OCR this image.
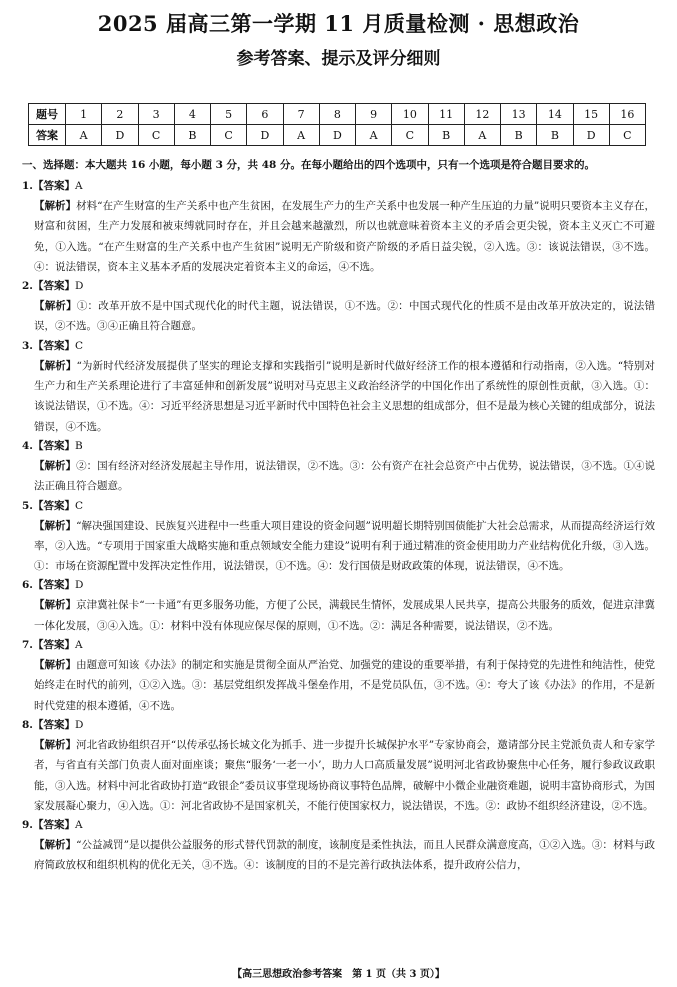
2025 届高三第一学期 11 月质量检测 · 思想政治
参考答案、提示及评分细则
题号	1	2	3	4	5	6	7	8	9	10	11	12	13	14	15	16
答案	A	D	C	B	C	D	A	D	A	C	B	A	B	B	D	C
一、选择题：本大题共 16 小题，每小题 3 分，共 48 分。在每小题给出的四个选项中，只有一个选项是符合题目要求的。
1.【答案】A
【解析】材料“在产生财富的生产关系中也产生贫困，在发展生产力的生产关系中也发展一种产生压迫的力量”说明只要资本主义存在，财富和贫困，生产力发展和被束缚就同时存在，并且会越来越激烈，所以也就意味着资本主义的矛盾会更尖锐，资本主义灭亡不可避免，①入选。“在产生财富的生产关系中也产生贫困”说明无产阶级和资产阶级的矛盾日益尖锐，②入选。③：该说法错误，③不选。④：说法错误，资本主义基本矛盾的发展决定着资本主义的命运，④不选。
2.【答案】D
【解析】①：改革开放不是中国式现代化的时代主题，说法错误，①不选。②：中国式现代化的性质不是由改革开放决定的，说法错误，②不选。③④正确且符合题意。
3.【答案】C
【解析】“为新时代经济发展提供了坚实的理论支撑和实践指引”说明是新时代做好经济工作的根本遵循和行动指南，②入选。“特别对生产力和生产关系理论进行了丰富延伸和创新发展”说明对马克思主义政治经济学的中国化作出了系统性的原创性贡献，③入选。①：该说法错误，①不选。④：习近平经济思想是习近平新时代中国特色社会主义思想的组成部分，但不是最为核心关键的组成部分，说法错误，④不选。
4.【答案】B
【解析】②：国有经济对经济发展起主导作用，说法错误，②不选。③：公有资产在社会总资产中占优势，说法错误，③不选。①④说法正确且符合题意。
5.【答案】C
【解析】“解决强国建设、民族复兴进程中一些重大项目建设的资金问题”说明超长期特别国债能扩大社会总需求，从而提高经济运行效率，②入选。“专项用于国家重大战略实施和重点领域安全能力建设”说明有利于通过精准的资金使用助力产业结构优化升级，③入选。①：市场在资源配置中发挥决定性作用，说法错误，①不选。④：发行国债是财政政策的体现，说法错误，④不选。
6.【答案】D
【解析】京津冀社保卡“一卡通”有更多服务功能，方便了公民，满载民生情怀，发展成果人民共享，提高公共服务的质效，促进京津冀一体化发展，③④入选。①：材料中没有体现应保尽保的原则，①不选。②：满足各种需要，说法错误，②不选。
7.【答案】A
【解析】由题意可知该《办法》的制定和实施是贯彻全面从严治党、加强党的建设的重要举措，有利于保持党的先进性和纯洁性，使党始终走在时代的前列，①②入选。③：基层党组织发挥战斗堡垒作用，不是党员队伍，③不选。④：夸大了该《办法》的作用，不是新时代党建的根本遵循，④不选。
8.【答案】D
【解析】河北省政协组织召开“以传承弘扬长城文化为抓手、进一步提升长城保护水平”专家协商会，邀请部分民主党派负责人和专家学者，与省直有关部门负责人面对面座谈；聚焦“服务‘一老一小’，助力人口高质量发展”说明河北省政协聚焦中心任务，履行参政议政职能，③入选。材料中河北省政协打造“政银企”委员议事堂现场协商议事特色品牌，破解中小微企业融资难题，说明丰富协商形式，为国家发展凝心聚力，④入选。①：河北省政协不是国家机关，不能行使国家权力，说法错误，不选。②：政协不组织经济建设，②不选。
9.【答案】A
【解析】“公益减罚”是以提供公益服务的形式替代罚款的制度，该制度是柔性执法，而且人民群众满意度高，①②入选。③：材料与政府简政放权和组织机构的优化无关，③不选。④：该制度的目的不是完善行政执法体系，提升政府公信力，
【高三思想政治参考答案　第 1 页（共 3 页）】
